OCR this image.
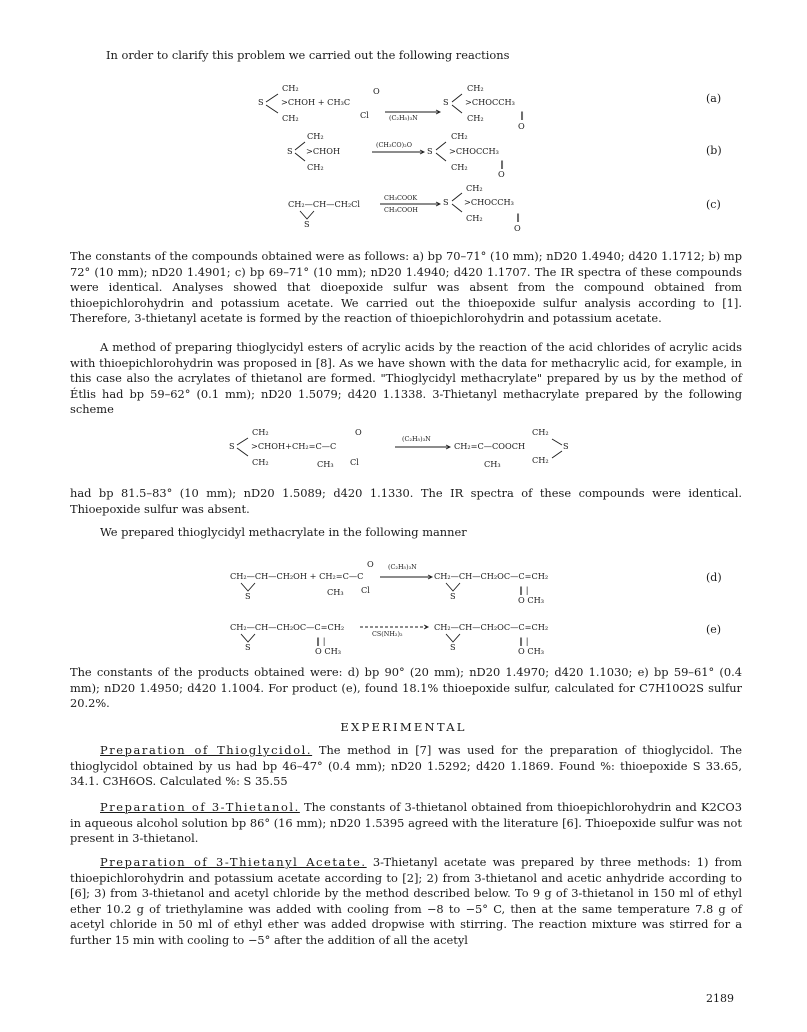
In order to clarify this problem we carried out the following reactions

CH₂
S >CHOH + CH₃C
CH₂
O
Cl	(C₂H₅)₃N
CH₂
S >CHOCCH₃
CH₂	‖
O
(a)
CH₂
S >CHOH
CH₂
(CH₃CO)₂O
CH₂
S >CHOCCH₃
CH₂	‖
O
(b)
CH₂—CH—CH₂Cl
S
CH₃COOK
CH₃COOH
CH₂
S >CHOCCH₃
CH₂	‖
O
(c)

The constants of the compounds obtained were as follows: a) bp 70–71° (10 mm); nD20 1.4940; d420 1.1712; b) mp 72° (10 mm); nD20 1.4901; c) bp 69–71° (10 mm); nD20 1.4940; d420 1.1707. The IR spectra of these compounds were identical. Analyses showed that dioepoxide sulfur was absent from the compound obtained from thioepichlorohydrin and potassium acetate. We carried out the thioepoxide sulfur analysis according to [1]. Therefore, 3-thietanyl acetate is formed by the reaction of thioepichlorohydrin and potassium acetate.

A method of preparing thioglycidyl esters of acrylic acids by the reaction of the acid chlorides of acrylic acids with thioepichlorohydrin was proposed in [8]. As we have shown with the data for methacrylic acid, for example, in this case also the acrylates of thietanol are formed. "Thioglycidyl methacrylate" prepared by us by the method of Étlis had bp 59–62° (0.1 mm); nD20 1.5079; d420 1.1338. 3-Thietanyl methacrylate prepared by the following scheme

CH₂
S >CHOH+CH₂=C—C
CH₂	CH₃
O
Cl
(C₂H₅)₃N
CH₂=C—COOCH
CH₃
CH₂
CH₂
S

had bp 81.5–83° (10 mm); nD20 1.5089; d420 1.1330. The IR spectra of these compounds were identical. Thioepoxide sulfur was absent.

We prepared thioglycidyl methacrylate in the following manner

CH₂—CH—CH₂OH + CH₂=C—C
S	CH₃
O
Cl
(C₂H₅)₃N
CH₂—CH—CH₂OC—C=CH₂
S
‖ |
O CH₃
(d)
CH₂—CH—CH₂OC—C=CH₂
S
‖ |
O CH₃
CS(NH₂)₂
CH₂—CH—CH₂OC—C=CH₂
S
‖ |
O CH₃
(e)

The constants of the products obtained were: d) bp 90° (20 mm); nD20 1.4970; d420 1.1030; e) bp 59–61° (0.4 mm); nD20 1.4950; d420 1.1004. For product (e), found 18.1% thioepoxide sulfur, calculated for C7H10O2S sulfur 20.2%.

EXPERIMENTAL

Preparation of Thioglycidol. The method in [7] was used for the preparation of thioglycidol. The thioglycidol obtained by us had bp 46–47° (0.4 mm); nD20 1.5292; d420 1.1869. Found %: thioepoxide S 33.65, 34.1. C3H6OS. Calculated %: S 35.55

Preparation of 3-Thietanol. The constants of 3-thietanol obtained from thioepichlorohydrin and K2CO3 in aqueous alcohol solution bp 86° (16 mm); nD20 1.5395 agreed with the literature [6]. Thioepoxide sulfur was not present in 3-thietanol.

Preparation of 3-Thietanyl Acetate. 3-Thietanyl acetate was prepared by three methods: 1) from thioepichlorohydrin and potassium acetate according to [2]; 2) from 3-thietanol and acetic anhydride according to [6]; 3) from 3-thietanol and acetyl chloride by the method described below. To 9 g of 3-thietanol in 150 ml of ethyl ether 10.2 g of triethylamine was added with cooling from −8 to −5° C, then at the same temperature 7.8 g of acetyl chloride in 50 ml of ethyl ether was added dropwise with stirring. The reaction mixture was stirred for a further 15 min with cooling to −5° after the addition of all the acetyl

2189
